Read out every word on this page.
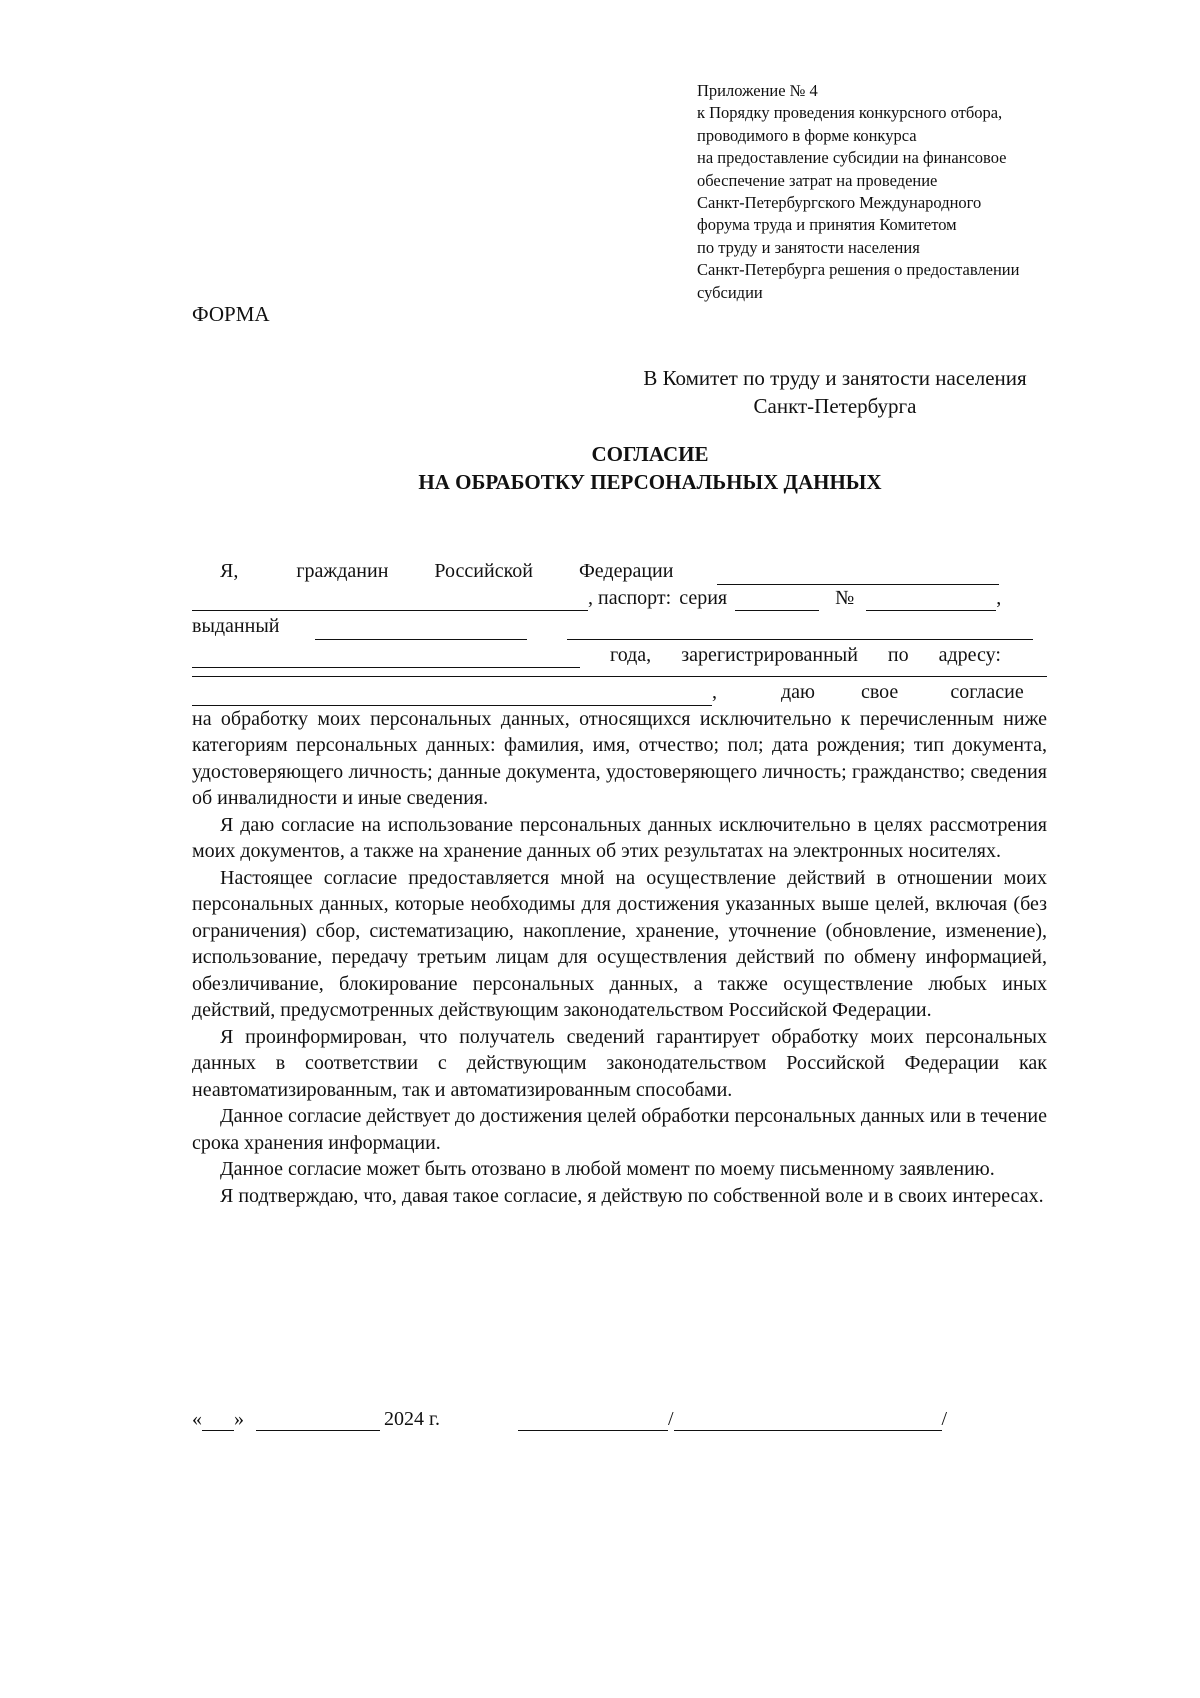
Приложение № 4
к Порядку проведения конкурсного отбора,
проводимого в форме конкурса
на предоставление субсидии на финансовое
обеспечение затрат на проведение
Санкт-Петербургского Международного
форума труда и принятия Комитетом
по труду и занятости населения
Санкт-Петербурга решения о предоставлении
субсидии
ФОРМА
В Комитет по труду и занятости населения
Санкт-Петербурга
СОГЛАСИЕ
НА ОБРАБОТКУ ПЕРСОНАЛЬНЫХ ДАННЫХ
Я,	гражданин Российской Федерации
, паспорт: серия	№	,
выданный
года, зарегистрированный по адресу:
,	даю свое	согласие

на обработку моих персональных данных, относящихся исключительно к перечисленным ниже категориям персональных данных: фамилия, имя, отчество; пол; дата рождения; тип документа, удостоверяющего личность; данные документа, удостоверяющего личность; гражданство; сведения об инвалидности и иные сведения.

Я даю согласие на использование персональных данных исключительно в целях рассмотрения моих документов, а также на хранение данных об этих результатах на электронных носителях.

Настоящее согласие предоставляется мной на осуществление действий в отношении моих персональных данных, которые необходимы для достижения указанных выше целей, включая (без ограничения) сбор, систематизацию, накопление, хранение, уточнение (обновление, изменение), использование, передачу третьим лицам для осуществления действий по обмену информацией, обезличивание, блокирование персональных данных, а также осуществление любых иных действий, предусмотренных действующим законодательством Российской Федерации.

Я проинформирован, что получатель сведений гарантирует обработку моих персональных данных в соответствии с действующим законодательством Российской Федерации как неавтоматизированным, так и автоматизированным способами.

Данное согласие действует до достижения целей обработки персональных данных или в течение срока хранения информации.

Данное согласие может быть отозвано в любой момент по моему письменному заявлению.

Я подтверждаю, что, давая такое согласие, я действую по собственной воле и в своих интересах.

« »	2024 г.	/	/
